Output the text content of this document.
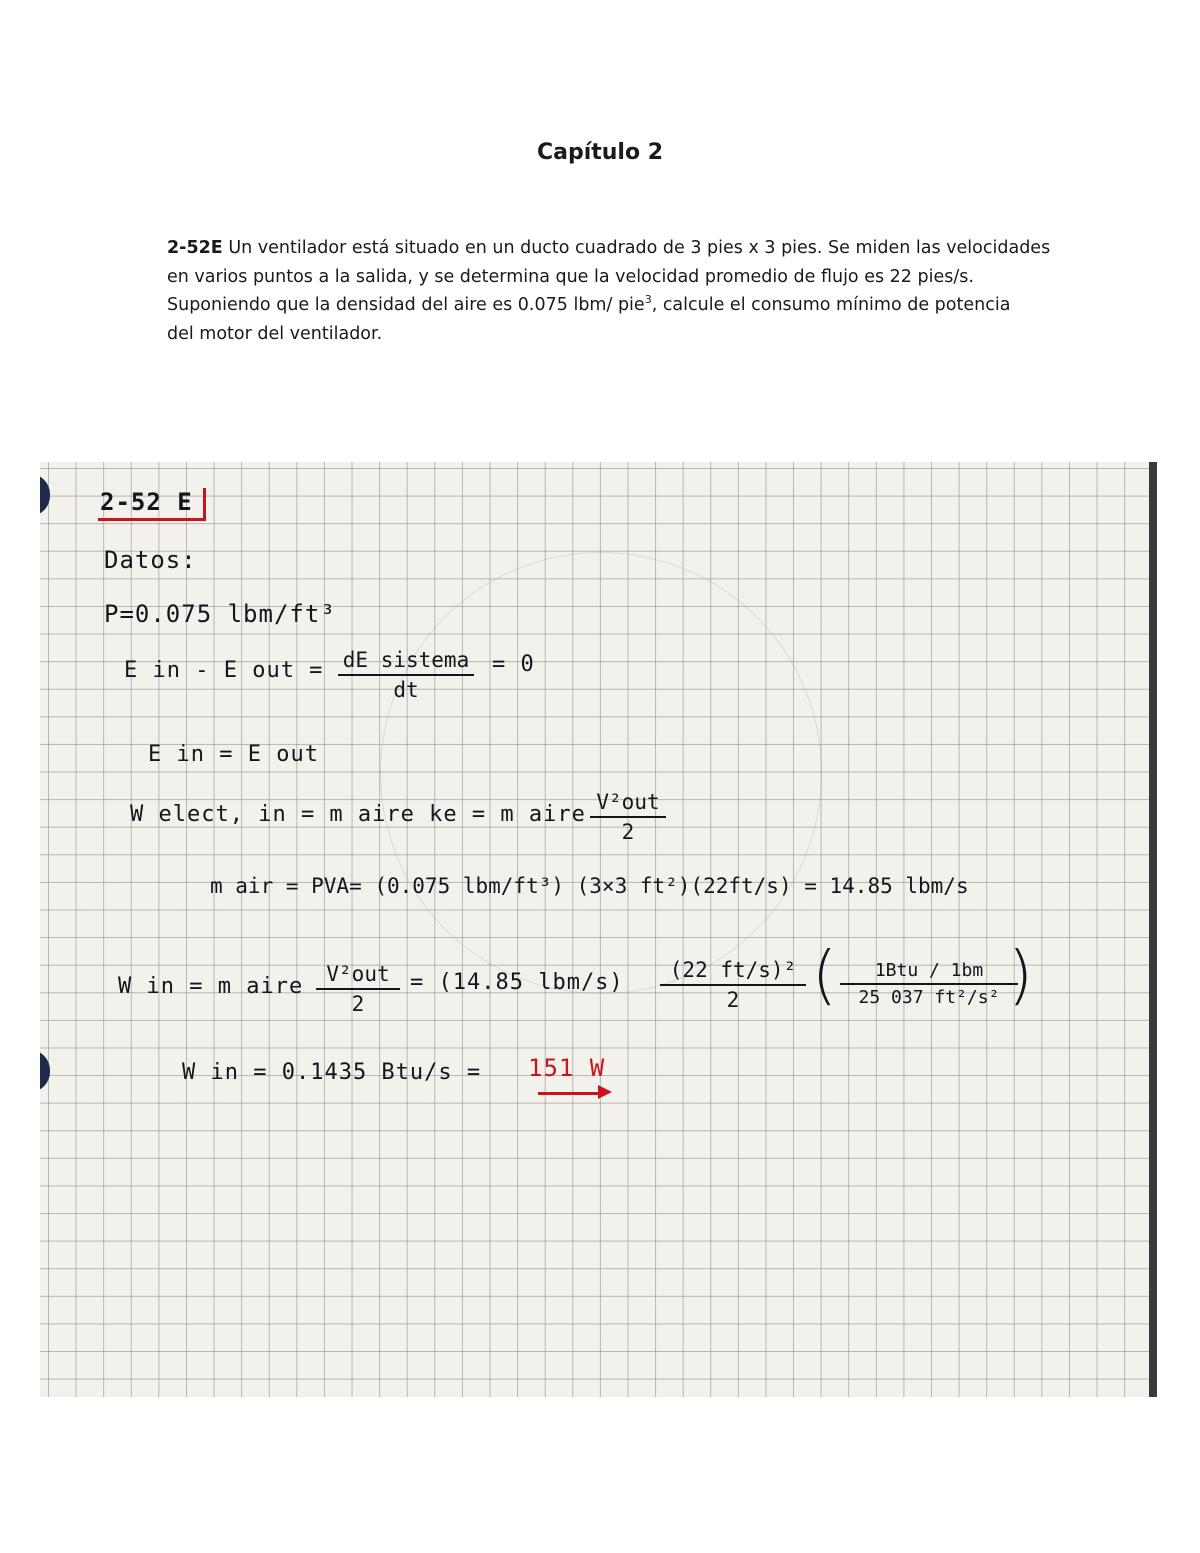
Capítulo 2
2-52E Un ventilador está situado en un ducto cuadrado de 3 pies x 3 pies. Se miden las velocidades
en varios puntos a la salida, y se determina que la velocidad promedio de flujo es 22 pies/s.
Suponiendo que la densidad del aire es 0.075 lbm/ pie$^3$, calcule el consumo mínimo de potencia
del motor del ventilador.
2-52 E
Datos:
P=0.075 lbm/ft³
E in - E out = dE sistema
dt
= 0
E in = E out
W elect, in = m aire ke = m aire V²out
2
m air = PVA= (0.075 lbm/ft³) (3×3 ft²)(22ft/s) = 14.85 lbm/s
W in = m aire	V²out
2
= (14.85 lbm/s)	(22 ft/s)²
2	(	1Btu / 1bm
25 037 ft²/s² )
W in = 0.1435 Btu/s = 151 W
